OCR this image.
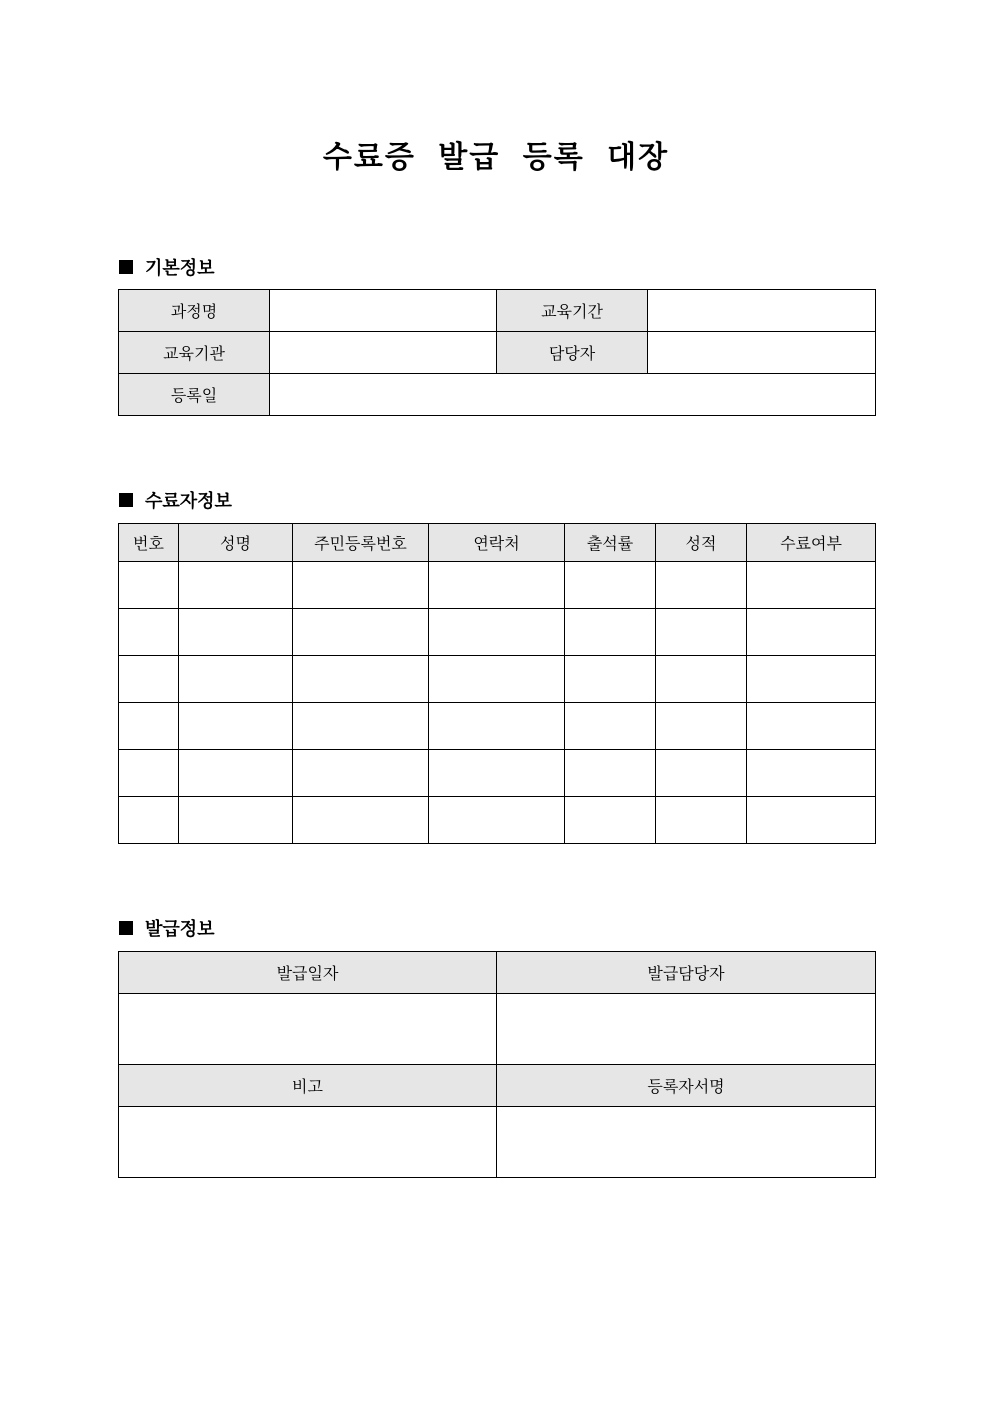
수료증 발급 등록 대장
기본정보
과정명		교육기간	
교육기관		담당자	
등록일			
수료자정보
번호	성명	주민등록번호	연락처	출석률	성적	수료여부

발급정보
발급일자	발급담당자

비고	등록자서명
